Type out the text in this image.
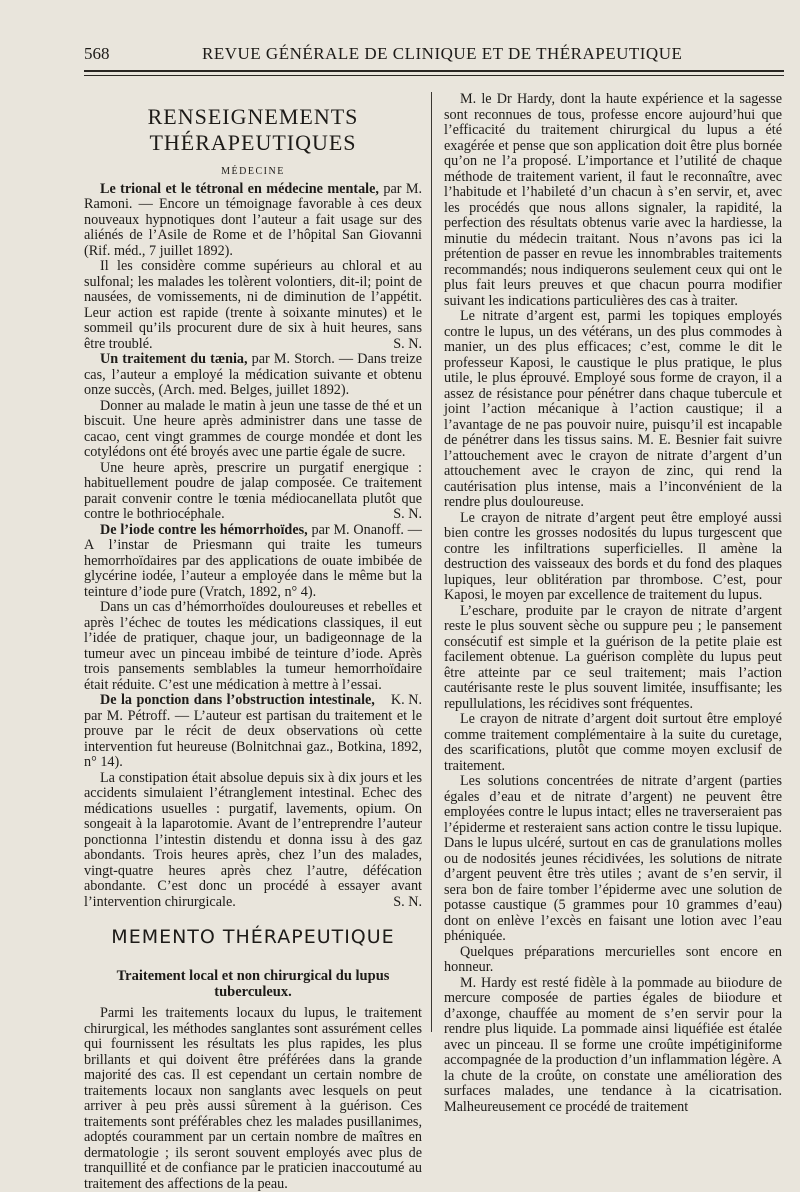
568	REVUE GÉNÉRALE DE CLINIQUE ET DE THÉRAPEUTIQUE
RENSEIGNEMENTS THÉRAPEUTIQUES
MÉDECINE

Le trional et le tétronal en médecine mentale, par M. Ramoni. — Encore un témoignage favorable à ces deux nouveaux hypnotiques dont l’auteur a fait usage sur des aliénés de l’Asile de Rome et de l’hôpital San Giovanni (Rif. méd., 7 juillet 1892).

Il les considère comme supérieurs au chloral et au sulfonal; les malades les tolèrent volontiers, dit-il; point de nausées, de vomissements, ni de diminution de l’appétit. Leur action est rapide (trente à soixante minutes) et le sommeil qu’ils procurent dure de six à huit heures, sans être troublé.	S. N.

Un traitement du tænia, par M. Storch. — Dans treize cas, l’auteur a employé la médication suivante et obtenu onze succès, (Arch. med. Belges, juillet 1892).

Donner au malade le matin à jeun une tasse de thé et un biscuit. Une heure après administrer dans une tasse de cacao, cent vingt grammes de courge mondée et dont les cotylédons ont été broyés avec une partie égale de sucre.

Une heure après, prescrire un purgatif energique : habituellement poudre de jalap composée. Ce traitement parait convenir contre le tœnia médiocanellata plutôt que contre le bothriocéphale.	S. N.

De l’iode contre les hémorrhoïdes, par M. Onanoff. — A l’instar de Priesmann qui traite les tumeurs hemorrhoïdaires par des applications de ouate imbibée de glycérine iodée, l’auteur a employée dans le même but la teinture d’iode pure (Vratch, 1892, n° 4).

Dans un cas d’hémorrhoïdes douloureuses et rebelles et après l’échec de toutes les médications classiques, il eut l’idée de pratiquer, chaque jour, un badigeonnage de la tumeur avec un pinceau imbibé de teinture d’iode. Après trois pansements semblables la tumeur hemorrhoïdaire était réduite. C’est une médication à mettre à l’essai.
K. N.

De la ponction dans l’obstruction intestinale, par M. Pétroff. — L’auteur est partisan du traitement et le prouve par le récit de deux observations où cette intervention fut heureuse (Bolnitchnai gaz., Botkina, 1892, n° 14).

La constipation était absolue depuis six à dix jours et les accidents simulaient l’étranglement intestinal. Echec des médications usuelles : purgatif, lavements, opium. On songeait à la laparotomie. Avant de l’entreprendre l’auteur ponctionna l’intestin distendu et donna issu à des gaz abondants. Trois heures après, chez l’un des malades, vingt-quatre heures après chez l’autre, défécation abondante. C’est donc un procédé à essayer avant l’intervention chirurgicale.	S. N.

MEMENTO THÉRAPEUTIQUE
Traitement local et non chirurgical du lupus tuberculeux.

Parmi les traitements locaux du lupus, le traitement chirurgical, les méthodes sanglantes sont assurément celles qui fournissent les résultats les plus rapides, les plus brillants et qui doivent être préférées dans la grande majorité des cas. Il est cependant un certain nombre de traitements locaux non sanglants avec lesquels on peut arriver à peu près aussi sûrement à la guérison. Ces traitements sont préférables chez les malades pusillanimes, adoptés couramment par un certain nombre de maîtres en dermatologie ; ils seront souvent employés avec plus de tranquillité et de confiance par le praticien inaccoutumé au traitement des affections de la peau.

M. le Dr Hardy, dont la haute expérience et la sagesse sont reconnues de tous, professe encore aujourd’hui que l’efficacité du traitement chirurgical du lupus a été exagérée et pense que son application doit être plus bornée qu’on ne l’a proposé. L’importance et l’utilité de chaque méthode de traitement varient, il faut le reconnaître, avec l’habitude et l’habileté d’un chacun à s’en servir, et, avec les procédés que nous allons signaler, la rapidité, la perfection des résultats obtenus varie avec la hardiesse, la minutie du médecin traitant. Nous n’avons pas ici la prétention de passer en revue les innombrables traitements recommandés; nous indiquerons seulement ceux qui ont le plus fait leurs preuves et que chacun pourra modifier suivant les indications particulières des cas à traiter.

Le nitrate d’argent est, parmi les topiques employés contre le lupus, un des vétérans, un des plus commodes à manier, un des plus efficaces; c’est, comme le dit le professeur Kaposi, le caustique le plus pratique, le plus utile, le plus éprouvé. Employé sous forme de crayon, il a assez de résistance pour pénétrer dans chaque tubercule et joint l’action mécanique à l’action caustique; il a l’avantage de ne pas pouvoir nuire, puisqu’il est incapable de pénétrer dans les tissus sains. M. E. Besnier fait suivre l’attouchement avec le crayon de nitrate d’argent d’un attouchement avec le crayon de zinc, qui rend la cautérisation plus intense, mais a l’inconvénient de la rendre plus douloureuse.

Le crayon de nitrate d’argent peut être employé aussi bien contre les grosses nodosités du lupus turgescent que contre les infiltrations superficielles. Il amène la destruction des vaisseaux des bords et du fond des plaques lupiques, leur oblitération par thrombose. C’est, pour Kaposi, le moyen par excellence de traitement du lupus.

L’eschare, produite par le crayon de nitrate d’argent reste le plus souvent sèche ou suppure peu ; le pansement consécutif est simple et la guérison de la petite plaie est facilement obtenue. La guérison complète du lupus peut être atteinte par ce seul traitement; mais l’action cautérisante reste le plus souvent limitée, insuffisante; les repullulations, les récidives sont fréquentes.

Le crayon de nitrate d’argent doit surtout être employé comme traitement complémentaire à la suite du curetage, des scarifications, plutôt que comme moyen exclusif de traitement.

Les solutions concentrées de nitrate d’argent (parties égales d’eau et de nitrate d’argent) ne peuvent être employées contre le lupus intact; elles ne traverseraient pas l’épiderme et resteraient sans action contre le tissu lupique. Dans le lupus ulcéré, surtout en cas de granulations molles ou de nodosités jeunes récidivées, les solutions de nitrate d’argent peuvent être très utiles ; avant de s’en servir, il sera bon de faire tomber l’épiderme avec une solution de potasse caustique (5 grammes pour 10 grammes d’eau) dont on enlève l’excès en faisant une lotion avec l’eau phéniquée.

Quelques préparations mercurielles sont encore en honneur.

M. Hardy est resté fidèle à la pommade au biiodure de mercure composée de parties égales de biiodure et d’axonge, chauffée au moment de s’en servir pour la rendre plus liquide. La pommade ainsi liquéfiée est étalée avec un pinceau. Il se forme une croûte impétiginiforme accompagnée de la production d’un inflammation légère. A la chute de la croûte, on constate une amélioration des surfaces malades, une tendance à la cicatrisation. Malheureusement ce procédé de traitement
